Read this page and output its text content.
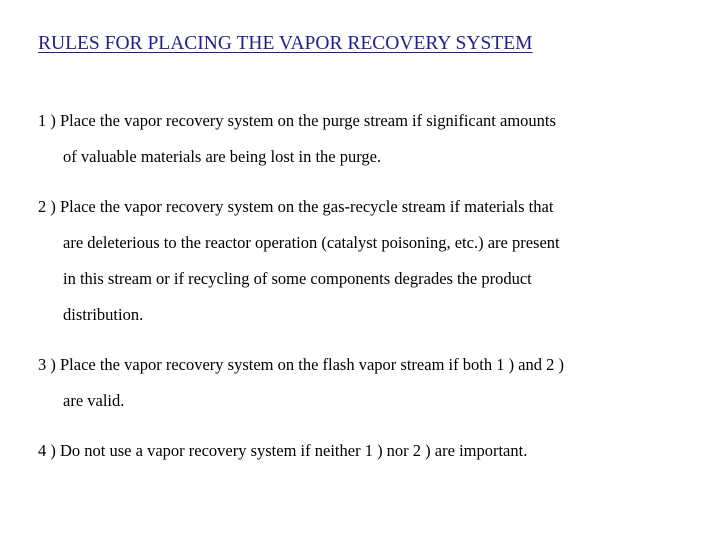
RULES FOR PLACING THE VAPOR RECOVERY SYSTEM
1 ) Place the vapor recovery system on the purge stream if significant amounts
of valuable materials are being lost in the purge.
2 ) Place the vapor recovery system on the gas-recycle stream if materials that
are deleterious to the reactor operation (catalyst poisoning, etc.) are present
in this stream or if recycling of some components degrades the product
distribution.
3 ) Place the vapor recovery system on the flash vapor stream if both 1 ) and 2 )
are valid.
4 ) Do not use a vapor recovery system if neither 1 ) nor 2 ) are important.
